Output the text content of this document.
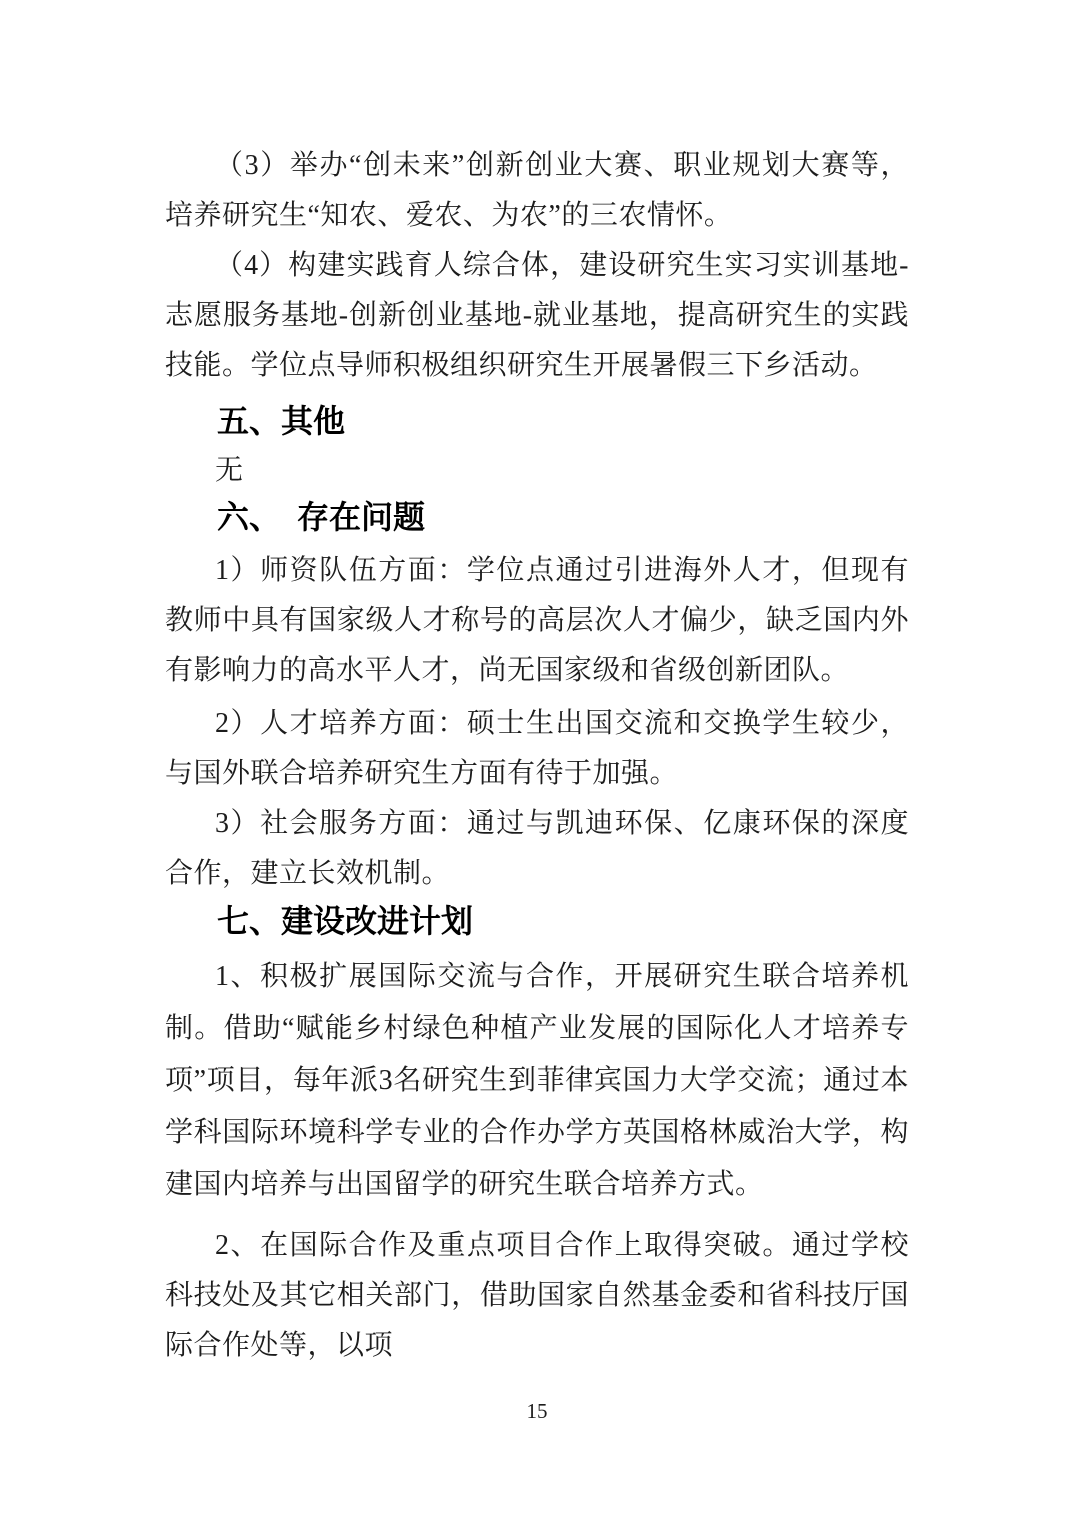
（3）举办“创未来”创新创业大赛、职业规划大赛等，培养研究生“知农、爱农、为农”的三农情怀。

（4）构建实践育人综合体，建设研究生实习实训基地-志愿服务基地-创新创业基地-就业基地，提高研究生的实践技能。学位点导师积极组织研究生开展暑假三下乡活动。

五、其他

无

六、　存在问题

1）师资队伍方面：学位点通过引进海外人才，但现有教师中具有国家级人才称号的高层次人才偏少，缺乏国内外有影响力的高水平人才，尚无国家级和省级创新团队。

2）人才培养方面：硕士生出国交流和交换学生较少，与国外联合培养研究生方面有待于加强。

3）社会服务方面：通过与凯迪环保、亿康环保的深度合作，建立长效机制。

七、建设改进计划

1、积极扩展国际交流与合作，开展研究生联合培养机制。借助“赋能乡村绿色种植产业发展的国际化人才培养专项”项目，每年派3名研究生到菲律宾国力大学交流；通过本学科国际环境科学专业的合作办学方英国格林威治大学，构建国内培养与出国留学的研究生联合培养方式。

2、在国际合作及重点项目合作上取得突破。通过学校科技处及其它相关部门，借助国家自然基金委和省科技厅国际合作处等，以项

15
